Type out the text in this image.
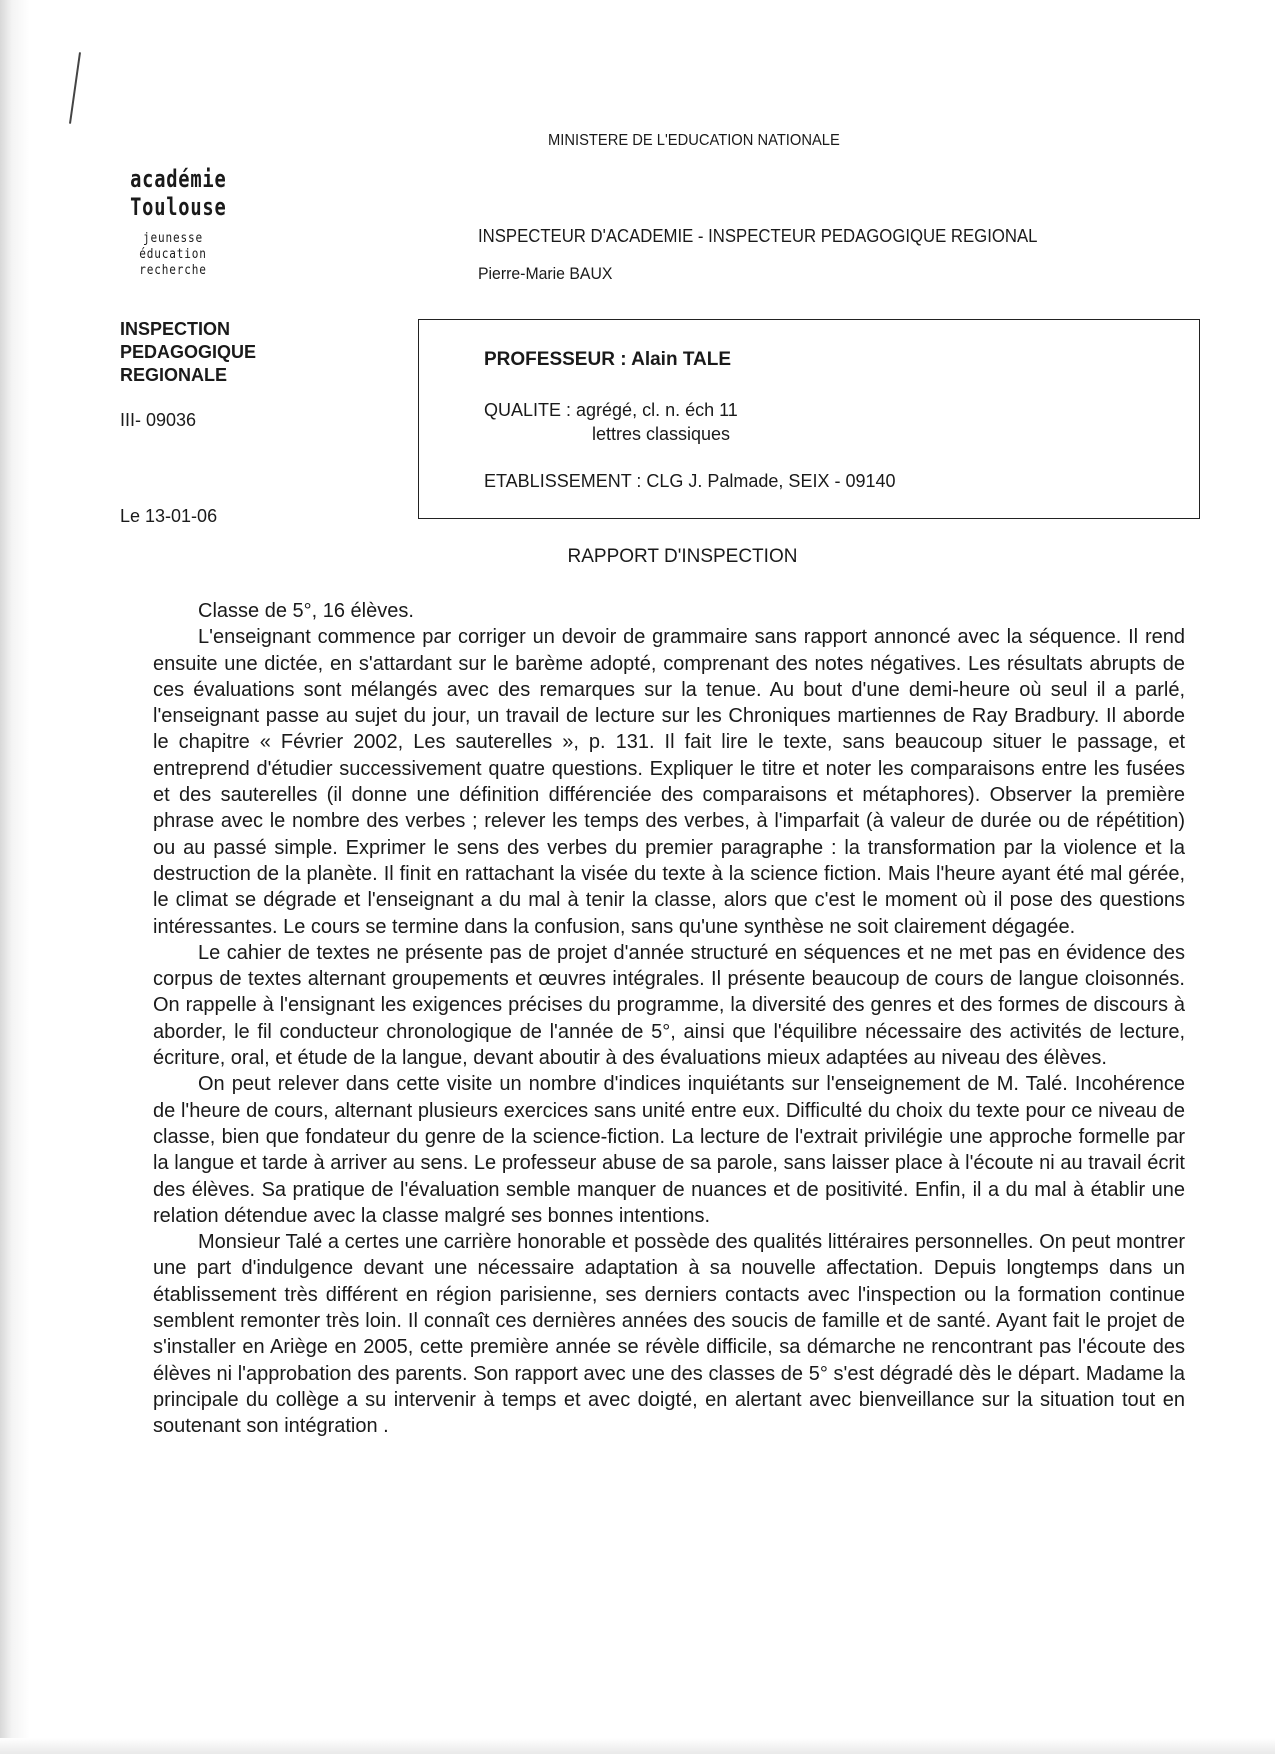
MINISTERE DE L'EDUCATION NATIONALE
académie
Toulouse
jeunesse
éducation
recherche
INSPECTION
PEDAGOGIQUE
REGIONALE
III- 09036
Le 13-01-06
INSPECTEUR D'ACADEMIE - INSPECTEUR PEDAGOGIQUE REGIONAL
Pierre-Marie BAUX
PROFESSEUR : Alain TALE
QUALITE : agrégé, cl. n. éch 11
lettres classiques
ETABLISSEMENT : CLG J. Palmade, SEIX - 09140
RAPPORT D'INSPECTION

Classe de 5°, 16 élèves.

L'enseignant commence par corriger un devoir de grammaire sans rapport annoncé avec la séquence. Il rend ensuite une dictée, en s'attardant sur le barème adopté, comprenant des notes négatives. Les résultats abrupts de ces évaluations sont mélangés avec des remarques sur la tenue. Au bout d'une demi-heure où seul il a parlé, l'enseignant passe au sujet du jour, un travail de lecture sur les Chroniques martiennes de Ray Bradbury. Il aborde le chapitre « Février 2002, Les sauterelles », p. 131. Il fait lire le texte, sans beaucoup situer le passage, et entreprend d'étudier successivement quatre questions. Expliquer le titre et noter les comparaisons entre les fusées et des sauterelles (il donne une définition différenciée des comparaisons et métaphores). Observer la première phrase avec le nombre des verbes ; relever les temps des verbes, à l'imparfait (à valeur de durée ou de répétition) ou au passé simple. Exprimer le sens des verbes du premier paragraphe : la transformation par la violence et la destruction de la planète. Il finit en rattachant la visée du texte à la science fiction. Mais l'heure ayant été mal gérée, le climat se dégrade et l'enseignant a du mal à tenir la classe, alors que c'est le moment où il pose des questions intéressantes. Le cours se termine dans la confusion, sans qu'une synthèse ne soit clairement dégagée.

Le cahier de textes ne présente pas de projet d'année structuré en séquences et ne met pas en évidence des corpus de textes alternant groupements et œuvres intégrales. Il présente beaucoup de cours de langue cloisonnés. On rappelle à l'ensignant les exigences précises du programme, la diversité des genres et des formes de discours à aborder, le fil conducteur chronologique de l'année de 5°, ainsi que l'équilibre nécessaire des activités de lecture, écriture, oral, et étude de la langue, devant aboutir à des évaluations mieux adaptées au niveau des élèves.

On peut relever dans cette visite un nombre d'indices inquiétants sur l'enseignement de M. Talé. Incohérence de l'heure de cours, alternant plusieurs exercices sans unité entre eux. Difficulté du choix du texte pour ce niveau de classe, bien que fondateur du genre de la science-fiction. La lecture de l'extrait privilégie une approche formelle par la langue et tarde à arriver au sens. Le professeur abuse de sa parole, sans laisser place à l'écoute ni au travail écrit des élèves. Sa pratique de l'évaluation semble manquer de nuances et de positivité. Enfin, il a du mal à établir une relation détendue avec la classe malgré ses bonnes intentions.

Monsieur Talé a certes une carrière honorable et possède des qualités littéraires personnelles. On peut montrer une part d'indulgence devant une nécessaire adaptation à sa nouvelle affectation. Depuis longtemps dans un établissement très différent en région parisienne, ses derniers contacts avec l'inspection ou la formation continue semblent remonter très loin. Il connaît ces dernières années des soucis de famille et de santé. Ayant fait le projet de s'installer en Ariège en 2005, cette première année se révèle difficile, sa démarche ne rencontrant pas l'écoute des élèves ni l'approbation des parents. Son rapport avec une des classes de 5° s'est dégradé dès le départ. Madame la principale du collège a su intervenir à temps et avec doigté, en alertant avec bienveillance sur la situation tout en soutenant son intégration .
